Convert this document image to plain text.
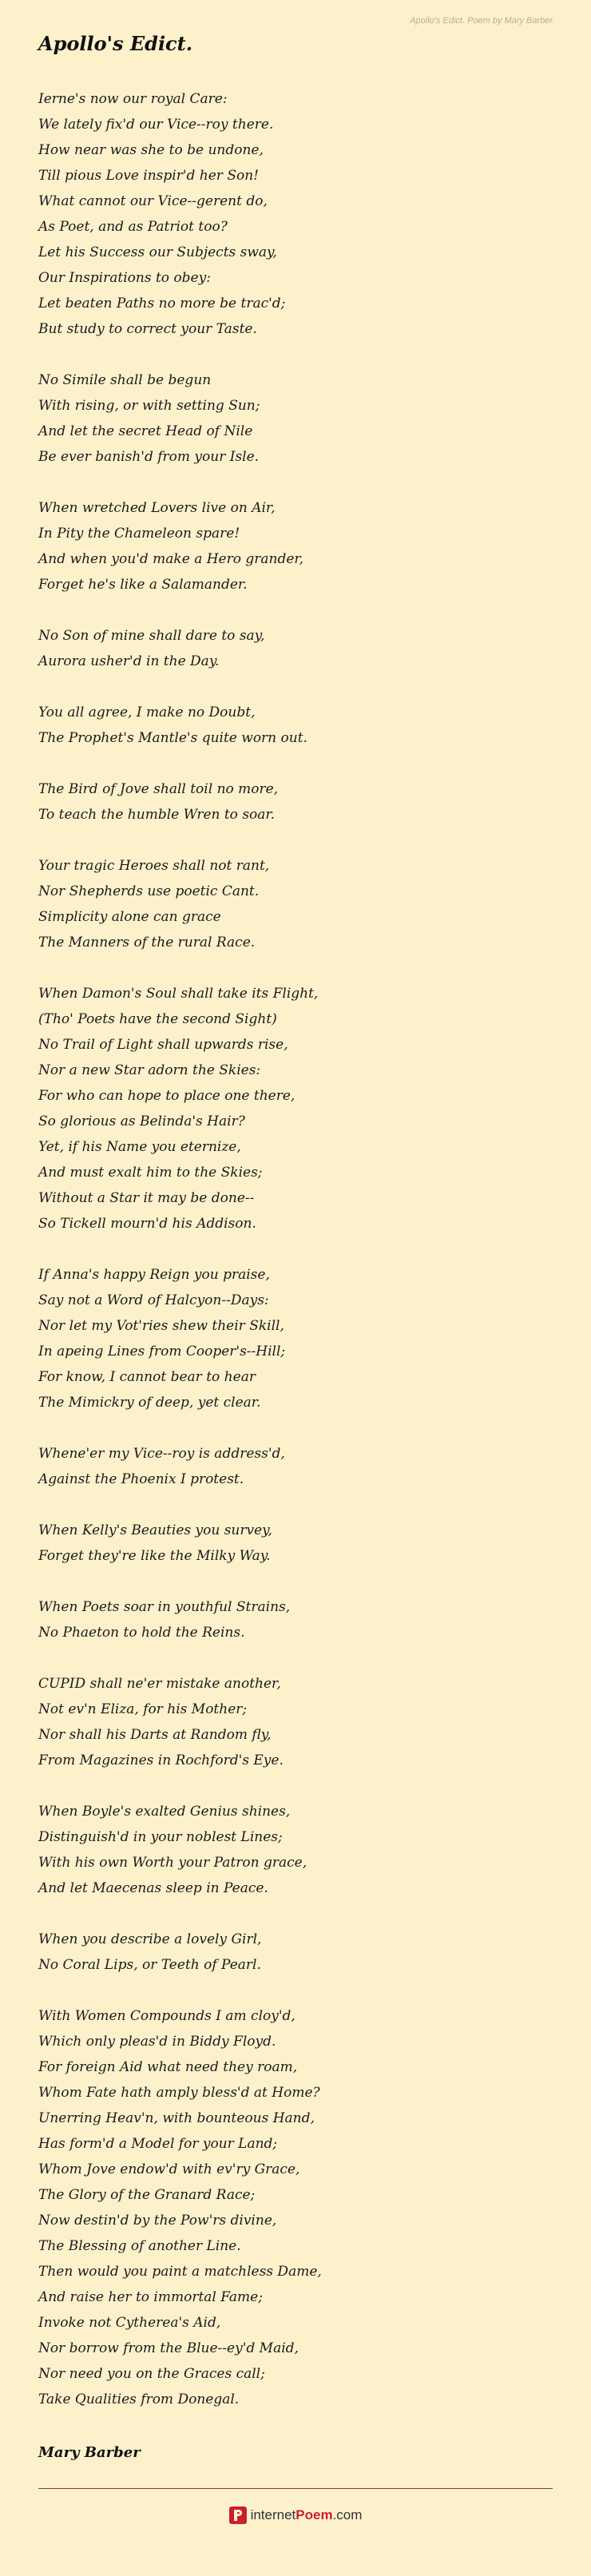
Apollo's Edict. Poem by Mary Barber
Apollo's Edict.
Ierne's now our royal Care:
We lately fix'd our Vice--roy there.
How near was she to be undone,
Till pious Love inspir'd her Son!
What cannot our Vice--gerent do,
As Poet, and as Patriot too?
Let his Success our Subjects sway,
Our Inspirations to obey:
Let beaten Paths no more be trac'd;
But study to correct your Taste.
No Simile shall be begun
With rising, or with setting Sun;
And let the secret Head of Nile
Be ever banish'd from your Isle.
When wretched Lovers live on Air,
In Pity the Chameleon spare!
And when you'd make a Hero grander,
Forget he's like a Salamander.
No Son of mine shall dare to say,
Aurora usher'd in the Day.
You all agree, I make no Doubt,
The Prophet's Mantle's quite worn out.
The Bird of Jove shall toil no more,
To teach the humble Wren to soar.
Your tragic Heroes shall not rant,
Nor Shepherds use poetic Cant.
Simplicity alone can grace
The Manners of the rural Race.
When Damon's Soul shall take its Flight,
(Tho' Poets have the second Sight)
No Trail of Light shall upwards rise,
Nor a new Star adorn the Skies:
For who can hope to place one there,
So glorious as Belinda's Hair?
Yet, if his Name you eternize,
And must exalt him to the Skies;
Without a Star it may be done--
So Tickell mourn'd his Addison.
If Anna's happy Reign you praise,
Say not a Word of Halcyon--Days:
Nor let my Vot'ries shew their Skill,
In apeing Lines from Cooper's--Hill;
For know, I cannot bear to hear
The Mimickry of deep, yet clear.
Whene'er my Vice--roy is address'd,
Against the Phoenix I protest.
When Kelly's Beauties you survey,
Forget they're like the Milky Way.
When Poets soar in youthful Strains,
No Phaeton to hold the Reins.
CUPID shall ne'er mistake another,
Not ev'n Eliza, for his Mother;
Nor shall his Darts at Random fly,
From Magazines in Rochford's Eye.
When Boyle's exalted Genius shines,
Distinguish'd in your noblest Lines;
With his own Worth your Patron grace,
And let Maecenas sleep in Peace.
When you describe a lovely Girl,
No Coral Lips, or Teeth of Pearl.
With Women Compounds I am cloy'd,
Which only pleas'd in Biddy Floyd.
For foreign Aid what need they roam,
Whom Fate hath amply bless'd at Home?
Unerring Heav'n, with bounteous Hand,
Has form'd a Model for your Land;
Whom Jove endow'd with ev'ry Grace,
The Glory of the Granard Race;
Now destin'd by the Pow'rs divine,
The Blessing of another Line.
Then would you paint a matchless Dame,
And raise her to immortal Fame;
Invoke not Cytherea's Aid,
Nor borrow from the Blue--ey'd Maid,
Nor need you on the Graces call;
Take Qualities from Donegal.
Mary Barber
internetPoem.com
